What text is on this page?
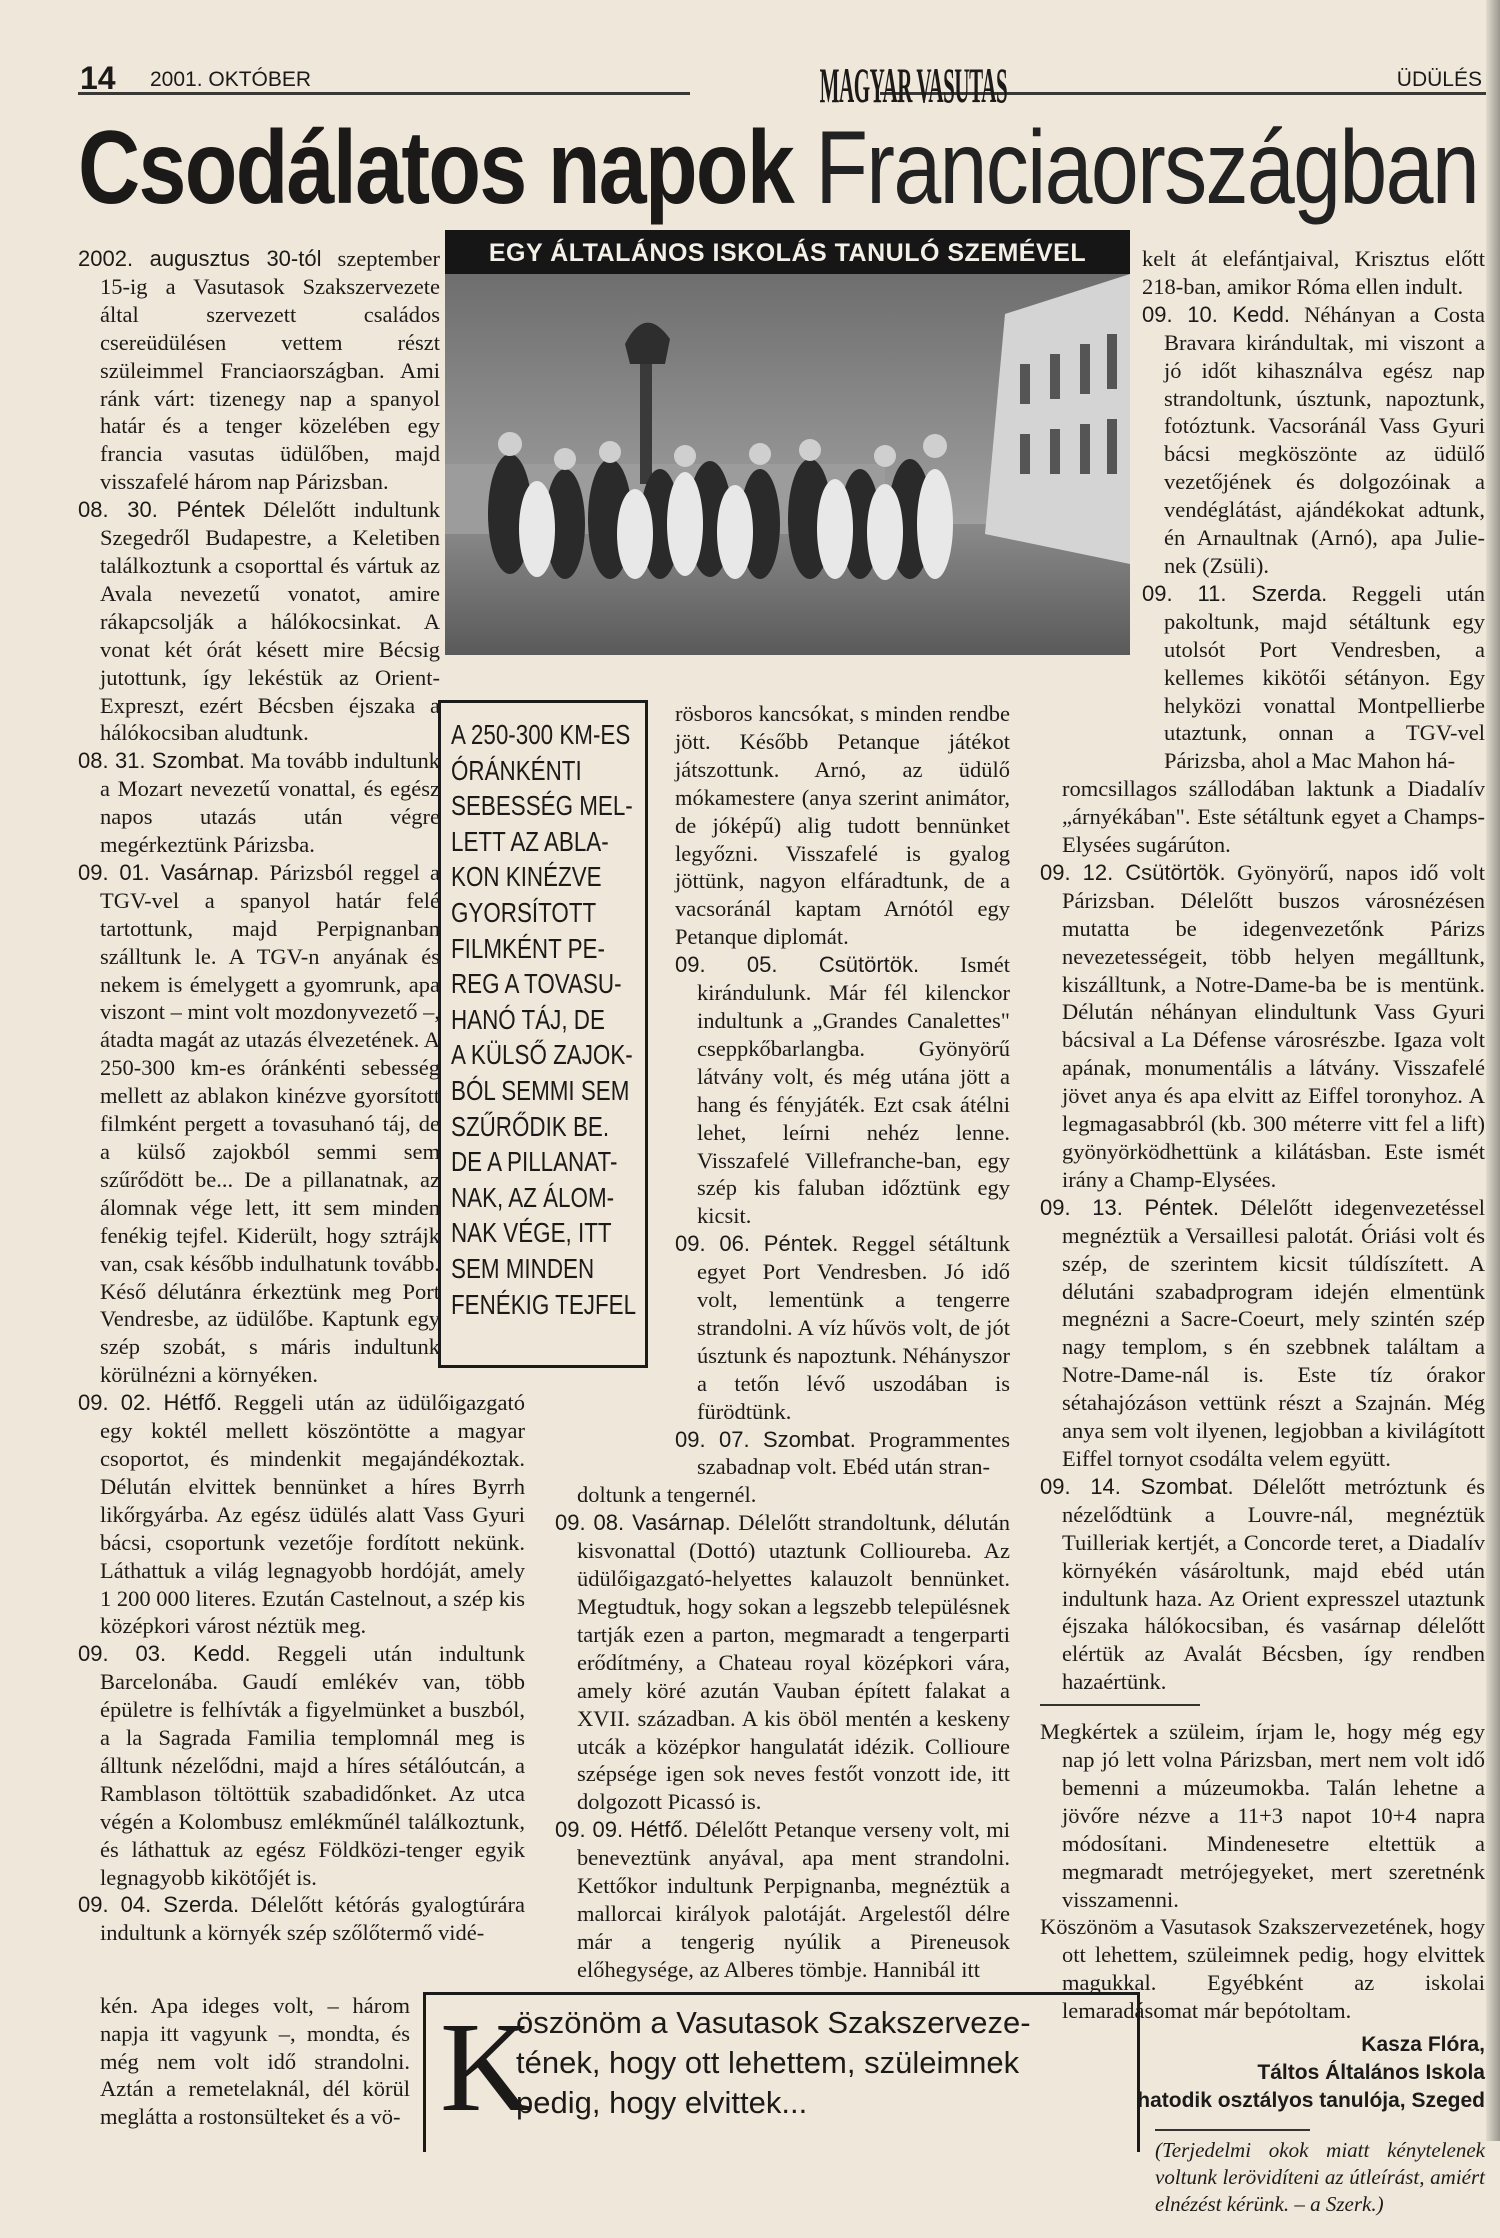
14 2001. OKTÓBER	MAGYAR VASUTAS	ÜDÜLÉS
Csodálatos napok Franciaországban
EGY ÁLTALÁNOS ISKOLÁS TANULÓ SZEMÉVEL
A 250-300 KM-ES
ÓRÁNKÉNTI
SEBESSÉG MEL-
LETT AZ ABLA-
KON KINÉZVE
GYORSÍTOTT
FILMKÉNT PE-
REG A TOVASU-
HANÓ TÁJ, DE
A KÜLSŐ ZAJOK-
BÓL SEMMI SEM
SZŰRŐDIK BE.
DE A PILLANAT-
NAK, AZ ÁLOM-
NAK VÉGE, ITT
SEM MINDEN
FENÉKIG TEJFEL

2002. augusztus 30-tól szeptember 15-ig a Vasutasok Szakszervezete által szervezett családos csereüdülésen vettem részt szüleimmel Franciaországban. Ami ránk várt: tizenegy nap a spanyol határ és a tenger közelében egy francia vasutas üdülőben, majd visszafelé három nap Párizsban.

08. 30. Péntek Délelőtt indultunk Szegedről Budapestre, a Keletiben találkoztunk a csoporttal és vártuk az Avala nevezetű vonatot, amire rákapcsolják a hálókocsinkat. A vonat két órát késett mire Bécsig jutottunk, így lekéstük az Orient-Expreszt, ezért Bécsben éjszaka a hálókocsiban aludtunk.

08. 31. Szombat. Ma tovább indultunk a Mozart nevezetű vonattal, és egész napos utazás után végre megérkeztünk Párizsba.

09. 01. Vasárnap. Párizsból reggel a TGV-vel a spanyol határ felé tartottunk, majd Perpignanban szálltunk le. A TGV-n anyának és nekem is émelygett a gyomrunk, apa viszont – mint volt mozdonyvezető –, átadta magát az utazás élvezetének. A 250-300 km-es óránkénti sebesség mellett az ablakon kinézve gyorsított filmként pergett a tovasuhanó táj, de a külső zajokból semmi sem szűrődött be... De a pillanatnak, az álomnak vége lett, itt sem minden fenékig tejfel. Kiderült, hogy sztrájk van, csak később indulhatunk tovább. Késő délutánra érkeztünk meg Port Vendresbe, az üdülőbe. Kaptunk egy szép szobát, s máris indultunk körülnézni a környéken.

09. 02. Hétfő. Reggeli után az üdülőigazgató egy koktél mellett köszöntötte a magyar csoportot, és mindenkit megajándékoztak. Délután elvittek bennünket a híres Byrrh likőrgyárba. Az egész üdülés alatt Vass Gyuri bácsi, csoportunk vezetője fordított nekünk. Láthattuk a világ legnagyobb hordóját, amely 1 200 000 literes. Ezután Castelnout, a szép kis középkori várost néztük meg.

09. 03. Kedd. Reggeli után indultunk Barcelonába. Gaudí emlékév van, több épületre is felhívták a figyelmünket a buszból, a la Sagrada Familia templomnál meg is álltunk nézelődni, majd a híres sétálóutcán, a Ramblason töltöttük szabadidőnket. Az utca végén a Kolombusz emlékműnél találkoztunk, és láthattuk az egész Földközi-tenger egyik legnagyobb kikötőjét is.

09. 04. Szerda. Délelőtt kétórás gyalogtúrára indultunk a környék szép szőlőtermő vidé-

kén. Apa ideges volt, – három napja itt vagyunk –, mondta, és még nem volt idő strandolni. Aztán a remetelaknál, dél körül meglátta a rostonsülteket és a vö-

rösboros kancsókat, s minden rendbe jött. Később Petanque játékot játszottunk. Arnó, az üdülő mókamestere (anya szerint animátor, de jóképű) alig tudott bennünket legyőzni. Visszafelé is gyalog jöttünk, nagyon elfáradtunk, de a vacsoránál kaptam Arnótól egy Petanque diplomát.

09. 05. Csütörtök. Ismét kirándulunk. Már fél kilenckor indultunk a „Grandes Canalettes" cseppkőbarlangba. Gyönyörű látvány volt, és még utána jött a hang és fényjáték. Ezt csak átélni lehet, leírni nehéz lenne. Visszafelé Villefranche-ban, egy szép kis faluban időztünk egy kicsit.

09. 06. Péntek. Reggel sétáltunk egyet Port Vendresben. Jó idő volt, lementünk a tengerre strandolni. A víz hűvös volt, de jót úsztunk és napoztunk. Néhányszor a tetőn lévő uszodában is fürödtünk.

09. 07. Szombat. Programmentes szabadnap volt. Ebéd után stran-

doltunk a tengernél.

09. 08. Vasárnap. Délelőtt strandoltunk, délután kisvonattal (Dottó) utaztunk Collioureba. Az üdülőigazgató-helyettes kalauzolt bennünket. Megtudtuk, hogy sokan a legszebb településnek tartják ezen a parton, megmaradt a tengerparti erődítmény, a Chateau royal középkori vára, amely köré azután Vauban épített falakat a XVII. században. A kis öböl mentén a keskeny utcák a középkor hangulatát idézik. Collioure szépsége igen sok neves festőt vonzott ide, itt dolgozott Picassó is.

09. 09. Hétfő. Délelőtt Petanque verseny volt, mi beneveztünk anyával, apa ment strandolni. Kettőkor indultunk Perpignanba, megnéztük a mallorcai királyok palotáját. Argelestől délre már a tengerig nyúlik a Pireneusok előhegysége, az Alberes tömbje. Hannibál itt

kelt át elefántjaival, Krisztus előtt 218-ban, amikor Róma ellen indult.

09. 10. Kedd. Néhányan a Costa Bravara kirándultak, mi viszont a jó időt kihasználva egész nap strandoltunk, úsztunk, napoztunk, fotóztunk. Vacsoránál Vass Gyuri bácsi megköszönte az üdülő vezetőjének és dolgozóinak a vendéglátást, ajándékokat adtunk, én Arnaultnak (Arnó), apa Julie-nek (Zsüli).

09. 11. Szerda. Reggeli után pakoltunk, majd sétáltunk egy utolsót Port Vendresben, a kellemes kikötői sétányon. Egy helyközi vonattal Montpellierbe utaztunk, onnan a TGV-vel Párizsba, ahol a Mac Mahon há-

romcsillagos szállodában laktunk a Diadalív „árnyékában". Este sétáltunk egyet a Champs-Elysées sugárúton.

09. 12. Csütörtök. Gyönyörű, napos idő volt Párizsban. Délelőtt buszos városnézésen mutatta be idegenvezetőnk Párizs nevezetességeit, több helyen megálltunk, kiszálltunk, a Notre-Dame-ba be is mentünk. Délután néhányan elindultunk Vass Gyuri bácsival a La Défense városrészbe. Igaza volt apának, monumentális a látvány. Visszafelé jövet anya és apa elvitt az Eiffel toronyhoz. A legmagasabbról (kb. 300 méterre vitt fel a lift) gyönyörködhettünk a kilátásban. Este ismét irány a Champ-Elysées.

09. 13. Péntek. Délelőtt idegenvezetéssel megnéztük a Versaillesi palotát. Óriási volt és szép, de szerintem kicsit túldíszített. A délutáni szabadprogram idején elmentünk megnézni a Sacre-Coeurt, mely szintén szép nagy templom, s én szebbnek találtam a Notre-Dame-nál is. Este tíz órakor sétahajózáson vettünk részt a Szajnán. Még anya sem volt ilyenen, legjobban a kivilágított Eiffel tornyot csodálta velem együtt.

09. 14. Szombat. Délelőtt metróztunk és nézelődtünk a Louvre-nál, megnéztük Tuilleriak kertjét, a Concorde teret, a Diadalív környékén vásároltunk, majd ebéd után indultunk haza. Az Orient expresszel utaztunk éjszaka hálókocsiban, és vasárnap délelőtt elértük az Avalát Bécsben, így rendben hazaértünk.

Megkértek a szüleim, írjam le, hogy még egy nap jó lett volna Párizsban, mert nem volt idő bemenni a múzeumokba. Talán lehetne a jövőre nézve a 11+3 napot 10+4 napra módosítani. Mindenesetre eltettük a megmaradt metrójegyeket, mert szeretnénk visszamenni.

Köszönöm a Vasutasok Szakszervezetének, hogy ott lehettem, szüleimnek pedig, hogy elvittek magukkal. Egyébként az iskolai lemaradásomat már bepótoltam.

Kasza Flóra,
Táltos Általános Iskola
hatodik osztályos tanulója, Szeged
(Terjedelmi okok miatt kénytelenek voltunk lerövidíteni az útleírást, amiért elnézést kérünk. – a Szerk.)
K
öszönöm a Vasutasok Szakszerveze-
tének, hogy ott lehettem, szüleimnek
pedig, hogy elvittek...
